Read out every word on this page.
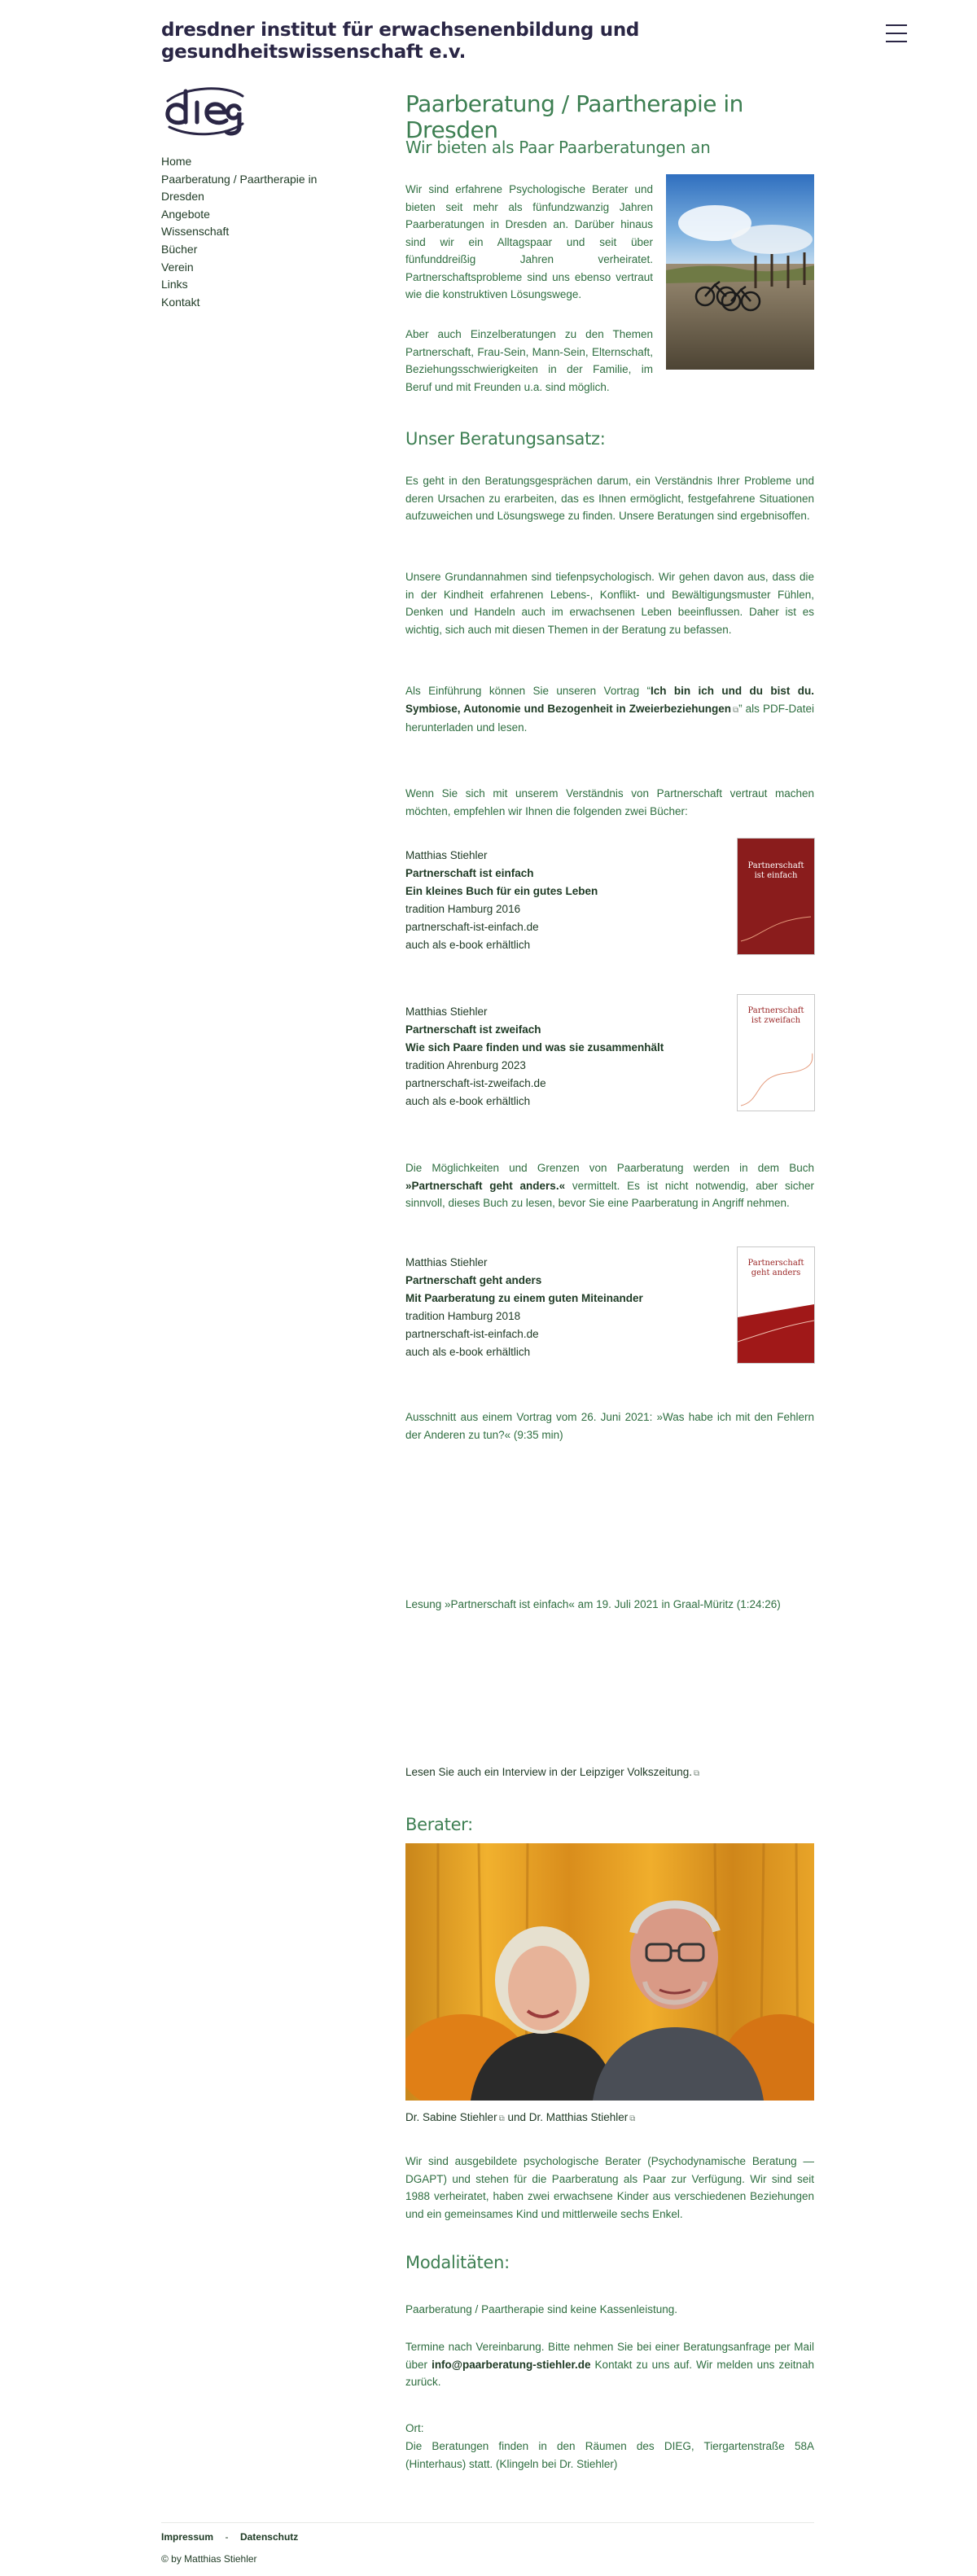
dresdner institut für erwachsenenbildung und gesundheitswissenschaft e.v.
Home
Paarberatung / Paartherapie in
Dresden
Angebote
Wissenschaft
Bücher
Verein
Links
Kontakt
Paarberatung / Paartherapie in Dresden
Wir bieten als Paar Paarberatungen an

Wir sind erfahrene Psychologische Berater und bieten seit mehr als fünfundzwanzig Jahren Paarberatungen in Dresden an. Darüber hinaus sind wir ein Alltagspaar und seit über fünfunddreißig Jahren verheiratet. Partnerschaftsprobleme sind uns ebenso vertraut wie die konstruktiven Lösungswege.

Aber auch Einzelberatungen zu den Themen Partnerschaft, Frau-Sein, Mann-Sein, Elternschaft, Beziehungsschwierigkeiten in der Familie, im Beruf und mit Freunden u.a. sind möglich.

Unser Beratungsansatz:

Es geht in den Beratungsgesprächen darum, ein Verständnis Ihrer Probleme und deren Ursachen zu erarbeiten, das es Ihnen ermöglicht, festgefahrene Situationen aufzuweichen und Lösungswege zu finden. Unsere Beratungen sind ergebnisoffen.

Unsere Grundannahmen sind tiefenpsychologisch. Wir gehen davon aus, dass die in der Kindheit erfahrenen Lebens-, Konflikt- und Bewältigungsmuster Fühlen, Denken und Handeln auch im erwachsenen Leben beeinflussen. Daher ist es wichtig, sich auch mit diesen Themen in der Beratung zu befassen.

Als Einführung können Sie unseren Vortrag “Ich bin ich und du bist du. Symbiose, Autonomie und Bezogenheit in Zweierbeziehungen ⧉” als PDF-Datei herunterladen und lesen.

Wenn Sie sich mit unserem Verständnis von Partnerschaft vertraut machen möchten, empfehlen wir Ihnen die folgenden zwei Bücher:

Matthias Stiehler
Partnerschaft ist einfach
Ein kleines Buch für ein gutes Leben
tradition Hamburg 2016
partnerschaft-ist-einfach.de
auch als e-book erhältlich
Partnerschaft ist einfach
Matthias Stiehler
Partnerschaft ist zweifach
Wie sich Paare finden und was sie zusammenhält
tradition Ahrenburg 2023
partnerschaft-ist-zweifach.de
auch als e-book erhältlich
Partnerschaft ist zweifach

Die Möglichkeiten und Grenzen von Paarberatung werden in dem Buch »Partnerschaft geht anders.« vermittelt. Es ist nicht notwendig, aber sicher sinnvoll, dieses Buch zu lesen, bevor Sie eine Paarberatung in Angriff nehmen.

Matthias Stiehler
Partnerschaft geht anders
Mit Paarberatung zu einem guten Miteinander
tradition Hamburg 2018
partnerschaft-ist-einfach.de
auch als e-book erhältlich
Partnerschaft geht anders

Ausschnitt aus einem Vortrag vom 26. Juni 2021: »Was habe ich mit den Fehlern der Anderen zu tun?« (9:35 min)

Lesung »Partnerschaft ist einfach« am 19. Juli 2021 in Graal-Müritz (1:24:26)

Lesen Sie auch ein Interview in der Leipziger Volkszeitung. ⧉

Berater:

Dr. Sabine Stiehler ⧉ und Dr. Matthias Stiehler ⧉

Wir sind ausgebildete psychologische Berater (Psychodynamische Beratung — DGAPT) und stehen für die Paarberatung als Paar zur Verfügung. Wir sind seit 1988 verheiratet, haben zwei erwachsene Kinder aus verschiedenen Beziehungen und ein gemeinsames Kind und mittlerweile sechs Enkel.

Modalitäten:

Paarberatung / Paartherapie sind keine Kassenleistung.

Termine nach Vereinbarung. Bitte nehmen Sie bei einer Beratungsanfrage per Mail über info@paarberatung-stiehler.de Kontakt zu uns auf. Wir melden uns zeitnah zurück.

Ort:

Die Beratungen finden in den Räumen des DIEG, Tiergartenstraße 58A (Hinterhaus) statt. (Klingeln bei Dr. Stiehler)

Impressum - Datenschutz
© by Matthias Stiehler
